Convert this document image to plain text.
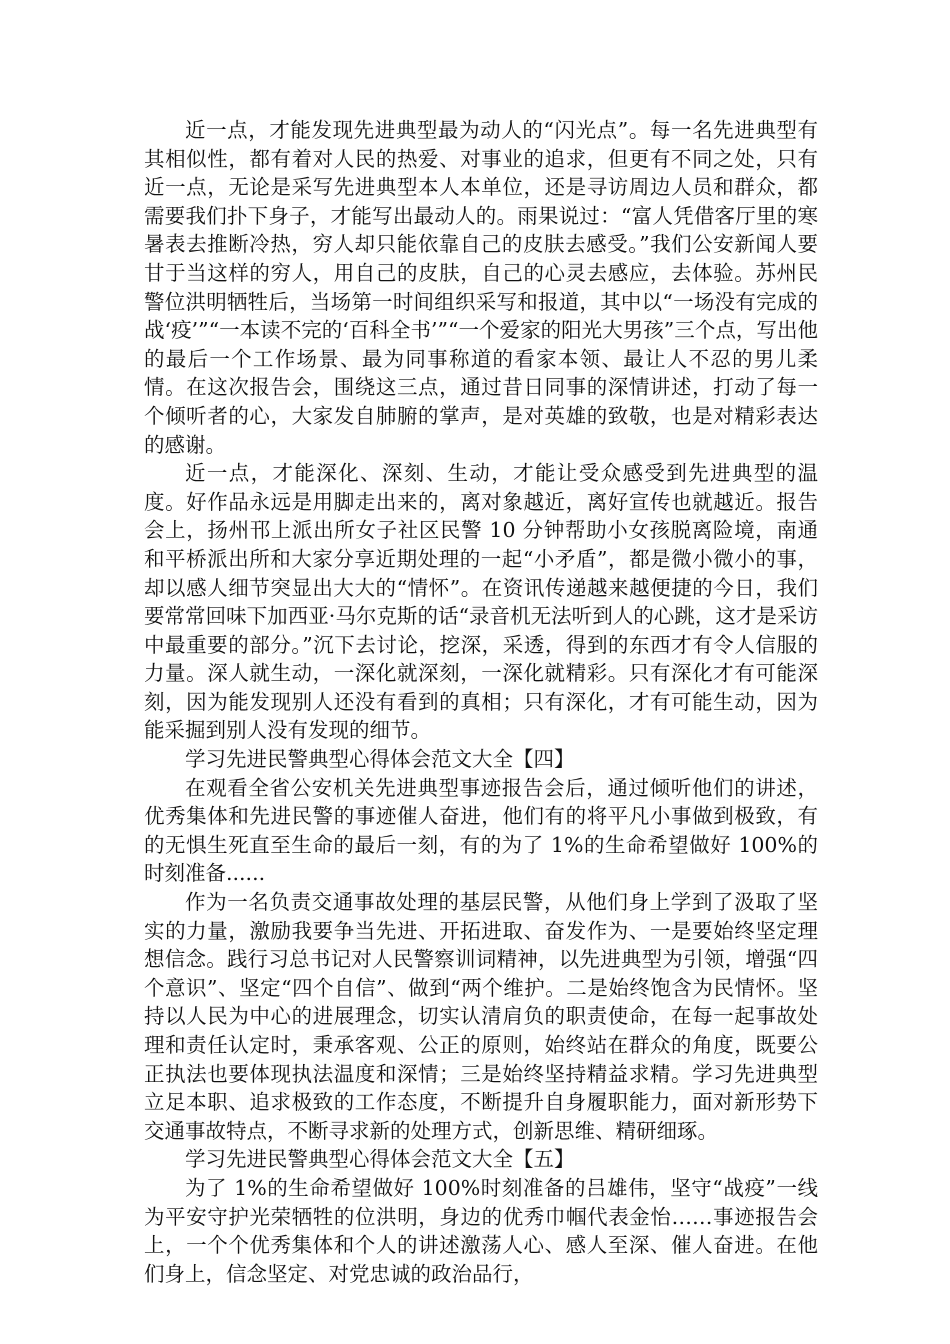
近一点，才能发现先进典型最为动人的“闪光点”。每一名先进典型有其相似性，都有着对人民的热爱、对事业的追求，但更有不同之处，只有近一点，无论是采写先进典型本人本单位，还是寻访周边人员和群众，都需要我们扑下身子，才能写出最动人的。雨果说过：“富人凭借客厅里的寒暑表去推断冷热，穷人却只能依靠自己的皮肤去感受。”我们公安新闻人要甘于当这样的穷人，用自己的皮肤，自己的心灵去感应，去体验。苏州民警位洪明牺牲后，当场第一时间组织采写和报道，其中以“一场没有完成的战‘疫’”“一本读不完的‘百科全书’”“一个爱家的阳光大男孩”三个点，写出他的最后一个工作场景、最为同事称道的看家本领、最让人不忍的男儿柔情。在这次报告会，围绕这三点，通过昔日同事的深情讲述，打动了每一个倾听者的心，大家发自肺腑的掌声，是对英雄的致敬，也是对精彩表达的感谢。

近一点，才能深化、深刻、生动，才能让受众感受到先进典型的温度。好作品永远是用脚走出来的，离对象越近，离好宣传也就越近。报告会上，扬州邗上派出所女子社区民警 10 分钟帮助小女孩脱离险境，南通和平桥派出所和大家分享近期处理的一起“小矛盾”，都是微小微小的事，却以感人细节突显出大大的“情怀”。在资讯传递越来越便捷的今日，我们要常常回味下加西亚·马尔克斯的话“录音机无法听到人的心跳，这才是采访中最重要的部分。”沉下去讨论，挖深，采透，得到的东西才有令人信服的力量。深人就生动，一深化就深刻，一深化就精彩。只有深化才有可能深刻，因为能发现别人还没有看到的真相；只有深化，才有可能生动，因为能采掘到别人没有发现的细节。

学习先进民警典型心得体会范文大全【四】

在观看全省公安机关先进典型事迹报告会后，通过倾听他们的讲述，优秀集体和先进民警的事迹催人奋进，他们有的将平凡小事做到极致，有的无惧生死直至生命的最后一刻，有的为了 1%的生命希望做好 100%的时刻准备......

作为一名负责交通事故处理的基层民警，从他们身上学到了汲取了坚实的力量，激励我要争当先进、开拓进取、奋发作为、一是要始终坚定理想信念。践行习总书记对人民警察训词精神，以先进典型为引领，增强“四个意识”、坚定“四个自信”、做到“两个维护。二是始终饱含为民情怀。坚持以人民为中心的进展理念，切实认清肩负的职责使命，在每一起事故处理和责任认定时，秉承客观、公正的原则，始终站在群众的角度，既要公正执法也要体现执法温度和深情；三是始终坚持精益求精。学习先进典型立足本职、追求极致的工作态度，不断提升自身履职能力，面对新形势下交通事故特点，不断寻求新的处理方式，创新思维、精研细琢。

学习先进民警典型心得体会范文大全【五】

为了 1%的生命希望做好 100%时刻准备的吕雄伟，坚守“战疫”一线为平安守护光荣牺牲的位洪明，身边的优秀巾帼代表金怡……事迹报告会上，一个个优秀集体和个人的讲述激荡人心、感人至深、催人奋进。在他们身上，信念坚定、对党忠诚的政治品行，
